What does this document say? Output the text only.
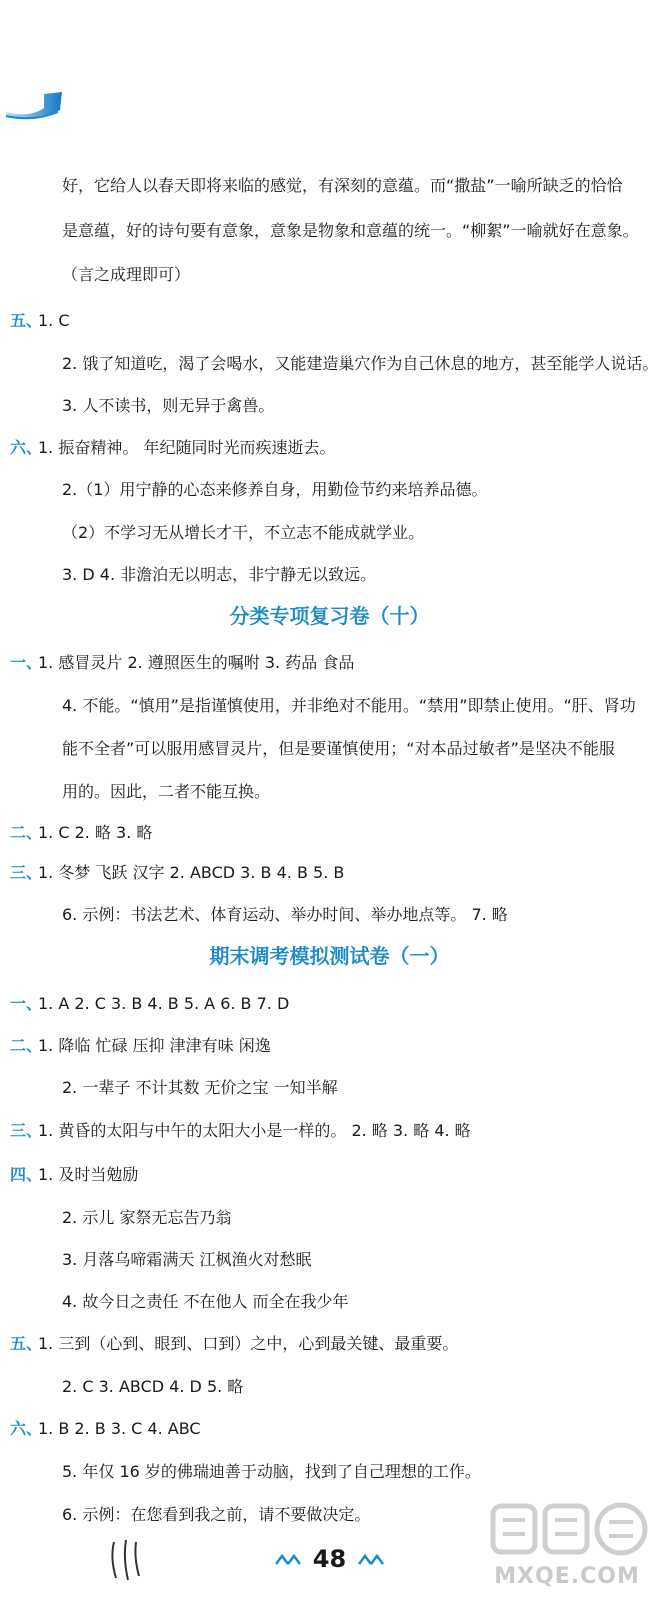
好，它给人以春天即将来临的感觉，有深刻的意蕴。而“撒盐”一喻所缺乏的恰恰
是意蕴，好的诗句要有意象，意象是物象和意蕴的统一。“柳絮”一喻就好在意象。
（言之成理即可）
五、
1. C
2. 饿了知道吃，渴了会喝水，又能建造巢穴作为自己休息的地方，甚至能学人说话。
3. 人不读书，则无异于禽兽。
六、
1. 振奋精神。 年纪随同时光而疾速逝去。
2.（1）用宁静的心态来修养自身，用勤俭节约来培养品德。
（2）不学习无从增长才干，不立志不能成就学业。
3. D 4. 非澹泊无以明志，非宁静无以致远。
分类专项复习卷（十）
一、
1. 感冒灵片 2. 遵照医生的嘱咐 3. 药品 食品
4. 不能。“慎用”是指谨慎使用，并非绝对不能用。“禁用”即禁止使用。“肝、肾功
能不全者”可以服用感冒灵片，但是要谨慎使用；“对本品过敏者”是坚决不能服
用的。因此，二者不能互换。
二、
1. C 2. 略 3. 略
三、
1. 冬梦 飞跃 汉字 2. ABCD 3. B 4. B 5. B
6. 示例：书法艺术、体育运动、举办时间、举办地点等。 7. 略
期末调考模拟测试卷（一）
一、
1. A 2. C 3. B 4. B 5. A 6. B 7. D
二、
1. 降临 忙碌 压抑 津津有味 闲逸
2. 一辈子 不计其数 无价之宝 一知半解
三、
1. 黄昏的太阳与中午的太阳大小是一样的。 2. 略 3. 略 4. 略
四、
1. 及时当勉励
2. 示儿 家祭无忘告乃翁
3. 月落乌啼霜满天 江枫渔火对愁眠
4. 故今日之责任 不在他人 而全在我少年
五、
1. 三到（心到、眼到、口到）之中，心到最关键、最重要。
2. C 3. ABCD 4. D 5. 略
六、
1. B 2. B 3. C 4. ABC
5. 年仅 16 岁的佛瑞迪善于动脑，找到了自己理想的工作。
6. 示例：在您看到我之前，请不要做决定。
48
MXQE.COM
